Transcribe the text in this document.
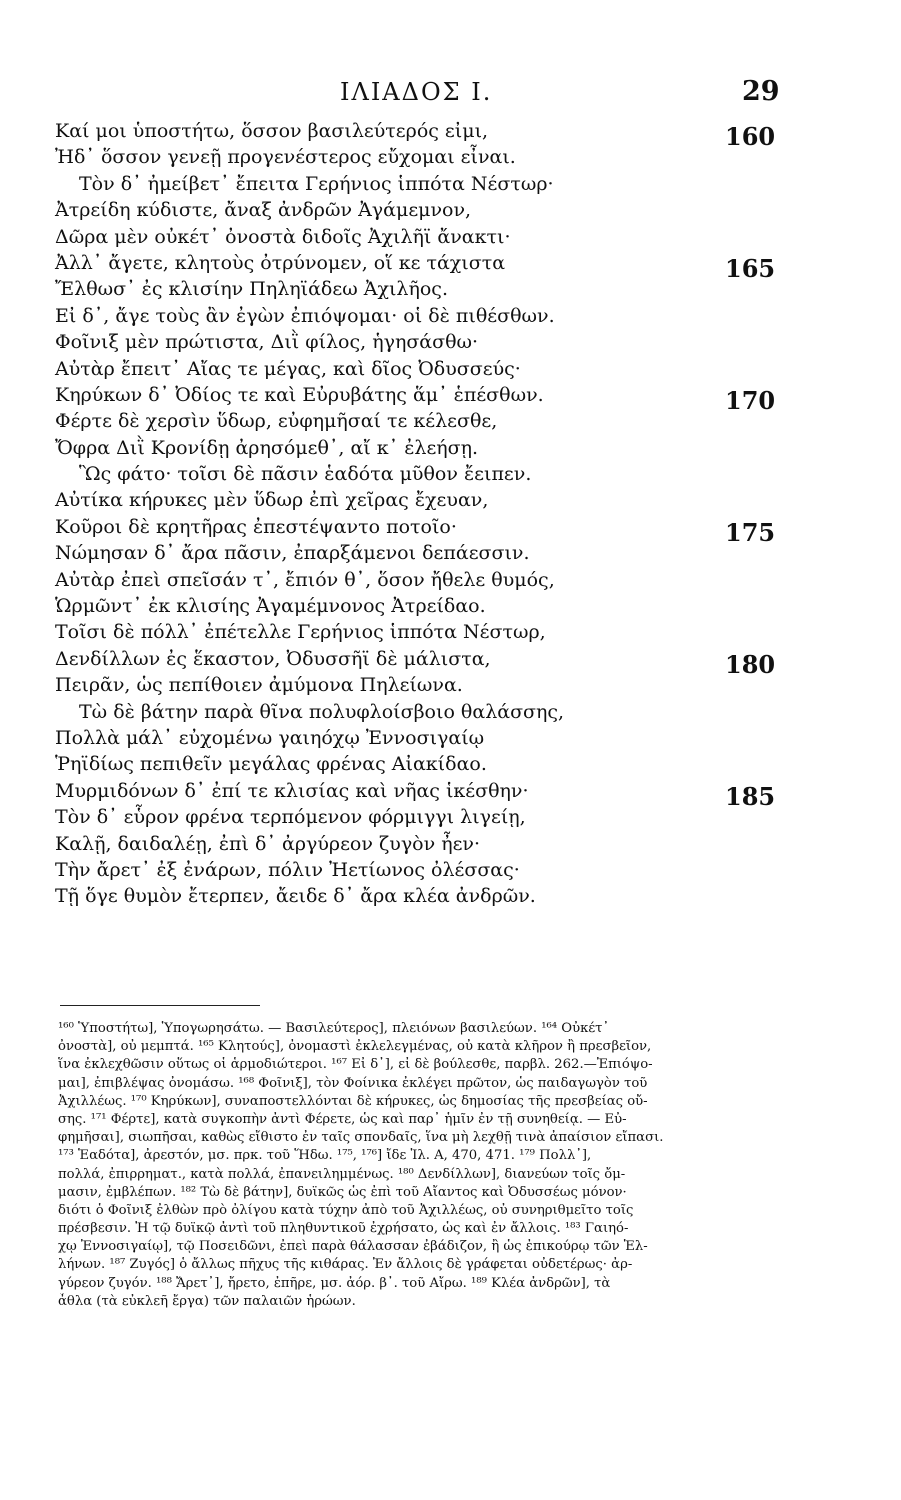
ΙΛΙΑΔΟΣ Ι.	29
Καί μοι ὑποστήτω, ὅσσον βασιλεύτερός εἰμι,	160
Ἠδ᾽ ὅσσον γενεῇ προγενέστερος εὔχομαι εἶναι.
Τὸν δ᾽ ἠμείβετ᾽ ἔπειτα Γερήνιος ἱππότα Νέστωρ·
Ἀτρείδη κύδιστε, ἄναξ ἀνδρῶν Ἀγάμεμνον,
Δῶρα μὲν οὐκέτ᾽ ὀνοστὰ διδοῖς Ἀχιλῆϊ ἄνακτι·
Ἀλλ᾽ ἄγετε, κλητοὺς ὀτρύνομεν, οἵ κε τάχιστα	165
Ἔλθωσ᾽ ἐς κλισίην Πηληϊάδεω Ἀχιλῆος.
Εἰ δ᾽, ἄγε τοὺς ἂν ἐγὼν ἐπιόψομαι· οἱ δὲ πιθέσθων.
Φοῖνιξ μὲν πρώτιστα, Διῒ φίλος, ἡγησάσθω·
Αὐτὰρ ἔπειτ᾽ Αἴας τε μέγας, καὶ δῖος Ὀδυσσεύς·
Κηρύκων δ᾽ Ὀδίος τε καὶ Εὐρυβάτης ἅμ᾽ ἑπέσθων.	170
Φέρτε δὲ χερσὶν ὕδωρ, εὐφημῆσαί τε κέλεσθε,
Ὄφρα Διῒ Κρονίδῃ ἀρησόμεθ᾽, αἴ κ᾽ ἐλεήσῃ.
Ὣς φάτο· τοῖσι δὲ πᾶσιν ἑαδότα μῦθον ἔειπεν.
Αὐτίκα κήρυκες μὲν ὕδωρ ἐπὶ χεῖρας ἔχευαν,
Κοῦροι δὲ κρητῆρας ἐπεστέψαντο ποτοῖο·	175
Νώμησαν δ᾽ ἄρα πᾶσιν, ἐπαρξάμενοι δεπάεσσιν.
Αὐτὰρ ἐπεὶ σπεῖσάν τ᾽, ἔπιόν θ᾽, ὅσον ἤθελε θυμός,
Ὡρμῶντ᾽ ἐκ κλισίης Ἀγαμέμνονος Ἀτρείδαο.
Τοῖσι δὲ πόλλ᾽ ἐπέτελλε Γερήνιος ἱππότα Νέστωρ,
Δενδίλλων ἐς ἕκαστον, Ὀδυσσῆϊ δὲ μάλιστα,	180
Πειρᾶν, ὡς πεπίθοιεν ἀμύμονα Πηλείωνα.
Τὼ δὲ βάτην παρὰ θῖνα πολυφλοίσβοιο θαλάσσης,
Πολλὰ μάλ᾽ εὐχομένω γαιηόχῳ Ἐννοσιγαίῳ
Ῥηϊδίως πεπιθεῖν μεγάλας φρένας Αἰακίδαο.
Μυρμιδόνων δ᾽ ἐπί τε κλισίας καὶ νῆας ἱκέσθην·	185
Τὸν δ᾽ εὗρον φρένα τερπόμενον φόρμιγγι λιγείῃ,
Καλῇ, δαιδαλέῃ, ἐπὶ δ᾽ ἀργύρεον ζυγὸν ἦεν·
Τὴν ἄρετ᾽ ἐξ ἐνάρων, πόλιν Ἠετίωνος ὀλέσσας·
Τῇ ὅγε θυμὸν ἔτερπεν, ἄειδε δ᾽ ἄρα κλέα ἀνδρῶν.
¹⁶⁰ Ὑποστήτω], Ὑπογωρησάτω. — Βασιλεύτερος], πλειόνων βασιλεύων. ¹⁶⁴ Οὐκέτ᾽
ὀνοστὰ], οὐ μεμπτά. ¹⁶⁵ Κλητούς], ὀνομαστὶ ἐκλελεγμένας, οὐ κατὰ κλῆρον ἢ πρεσβεῖον,
ἵνα ἐκλεχθῶσιν οὕτως οἱ ἁρμοδιώτεροι. ¹⁶⁷ Εἰ δ᾽], εἰ δὲ βούλεσθε, παρβλ. 262.—Ἐπιόψο-
μαι], ἐπιβλέψας ὀνομάσω. ¹⁶⁸ Φοῖνιξ], τὸν Φοίνικα ἐκλέγει πρῶτον, ὡς παιδαγωγὸν τοῦ
Ἀχιλλέως. ¹⁷⁰ Κηρύκων], συναποστελλόνται δὲ κήρυκες, ὡς δημοσίας τῆς πρεσβείας οὔ-
σης. ¹⁷¹ Φέρτε], κατὰ συγκοπὴν ἀντὶ Φέρετε, ὡς καὶ παρ᾽ ἡμῖν ἐν τῇ συνηθείᾳ. — Εὐ-
φημῆσαι], σιωπῆσαι, καθὼς εἴθιστο ἐν ταῖς σπονδαῖς, ἵνα μὴ λεχθῇ τινὰ ἀπαίσιον εἴπασι.
¹⁷³ Ἑαδότα], ἀρεστόν, μσ. πρκ. τοῦ Ἥδω. ¹⁷⁵, ¹⁷⁶] ἴδε Ἰλ. Α, 470, 471. ¹⁷⁹ Πολλ᾽],
πολλά, ἐπιρρηματ., κατὰ πολλά, ἐπανειλημμένως. ¹⁸⁰ Δενδίλλων], διανεύων τοῖς ὄμ-
μασιν, ἐμβλέπων. ¹⁸² Τὼ δὲ βάτην], δυϊκῶς ὡς ἐπὶ τοῦ Αἴαντος καὶ Ὀδυσσέως μόνον·
διότι ὁ Φοῖνιξ ἐλθὼν πρὸ ὀλίγου κατὰ τύχην ἀπὸ τοῦ Ἀχιλλέως, οὐ συνηριθμεῖτο τοῖς
πρέσβεσιν. Ἠ τῷ δυϊκῷ ἀντὶ τοῦ πληθυντικοῦ ἐχρήσατο, ὡς καὶ ἐν ἄλλοις. ¹⁸³ Γαιηό-
χῳ Ἐννοσιγαίῳ], τῷ Ποσειδῶνι, ἐπεὶ παρὰ θάλασσαν ἐβάδιζον, ἢ ὡς ἐπικούρῳ τῶν Ἑλ-
λήνων. ¹⁸⁷ Ζυγός] ὁ ἄλλως πῆχυς τῆς κιθάρας. Ἐν ἄλλοις δὲ γράφεται οὐδετέρως· ἀρ-
γύρεον ζυγόν. ¹⁸⁸ Ἄρετ᾽], ἤρετο, ἐπῆρε, μσ. ἀόρ. β᾽. τοῦ Αἴρω. ¹⁸⁹ Κλέα ἀνδρῶν], τὰ
ἆθλα (τὰ εὐκλεῆ ἔργα) τῶν παλαιῶν ἡρώων.
